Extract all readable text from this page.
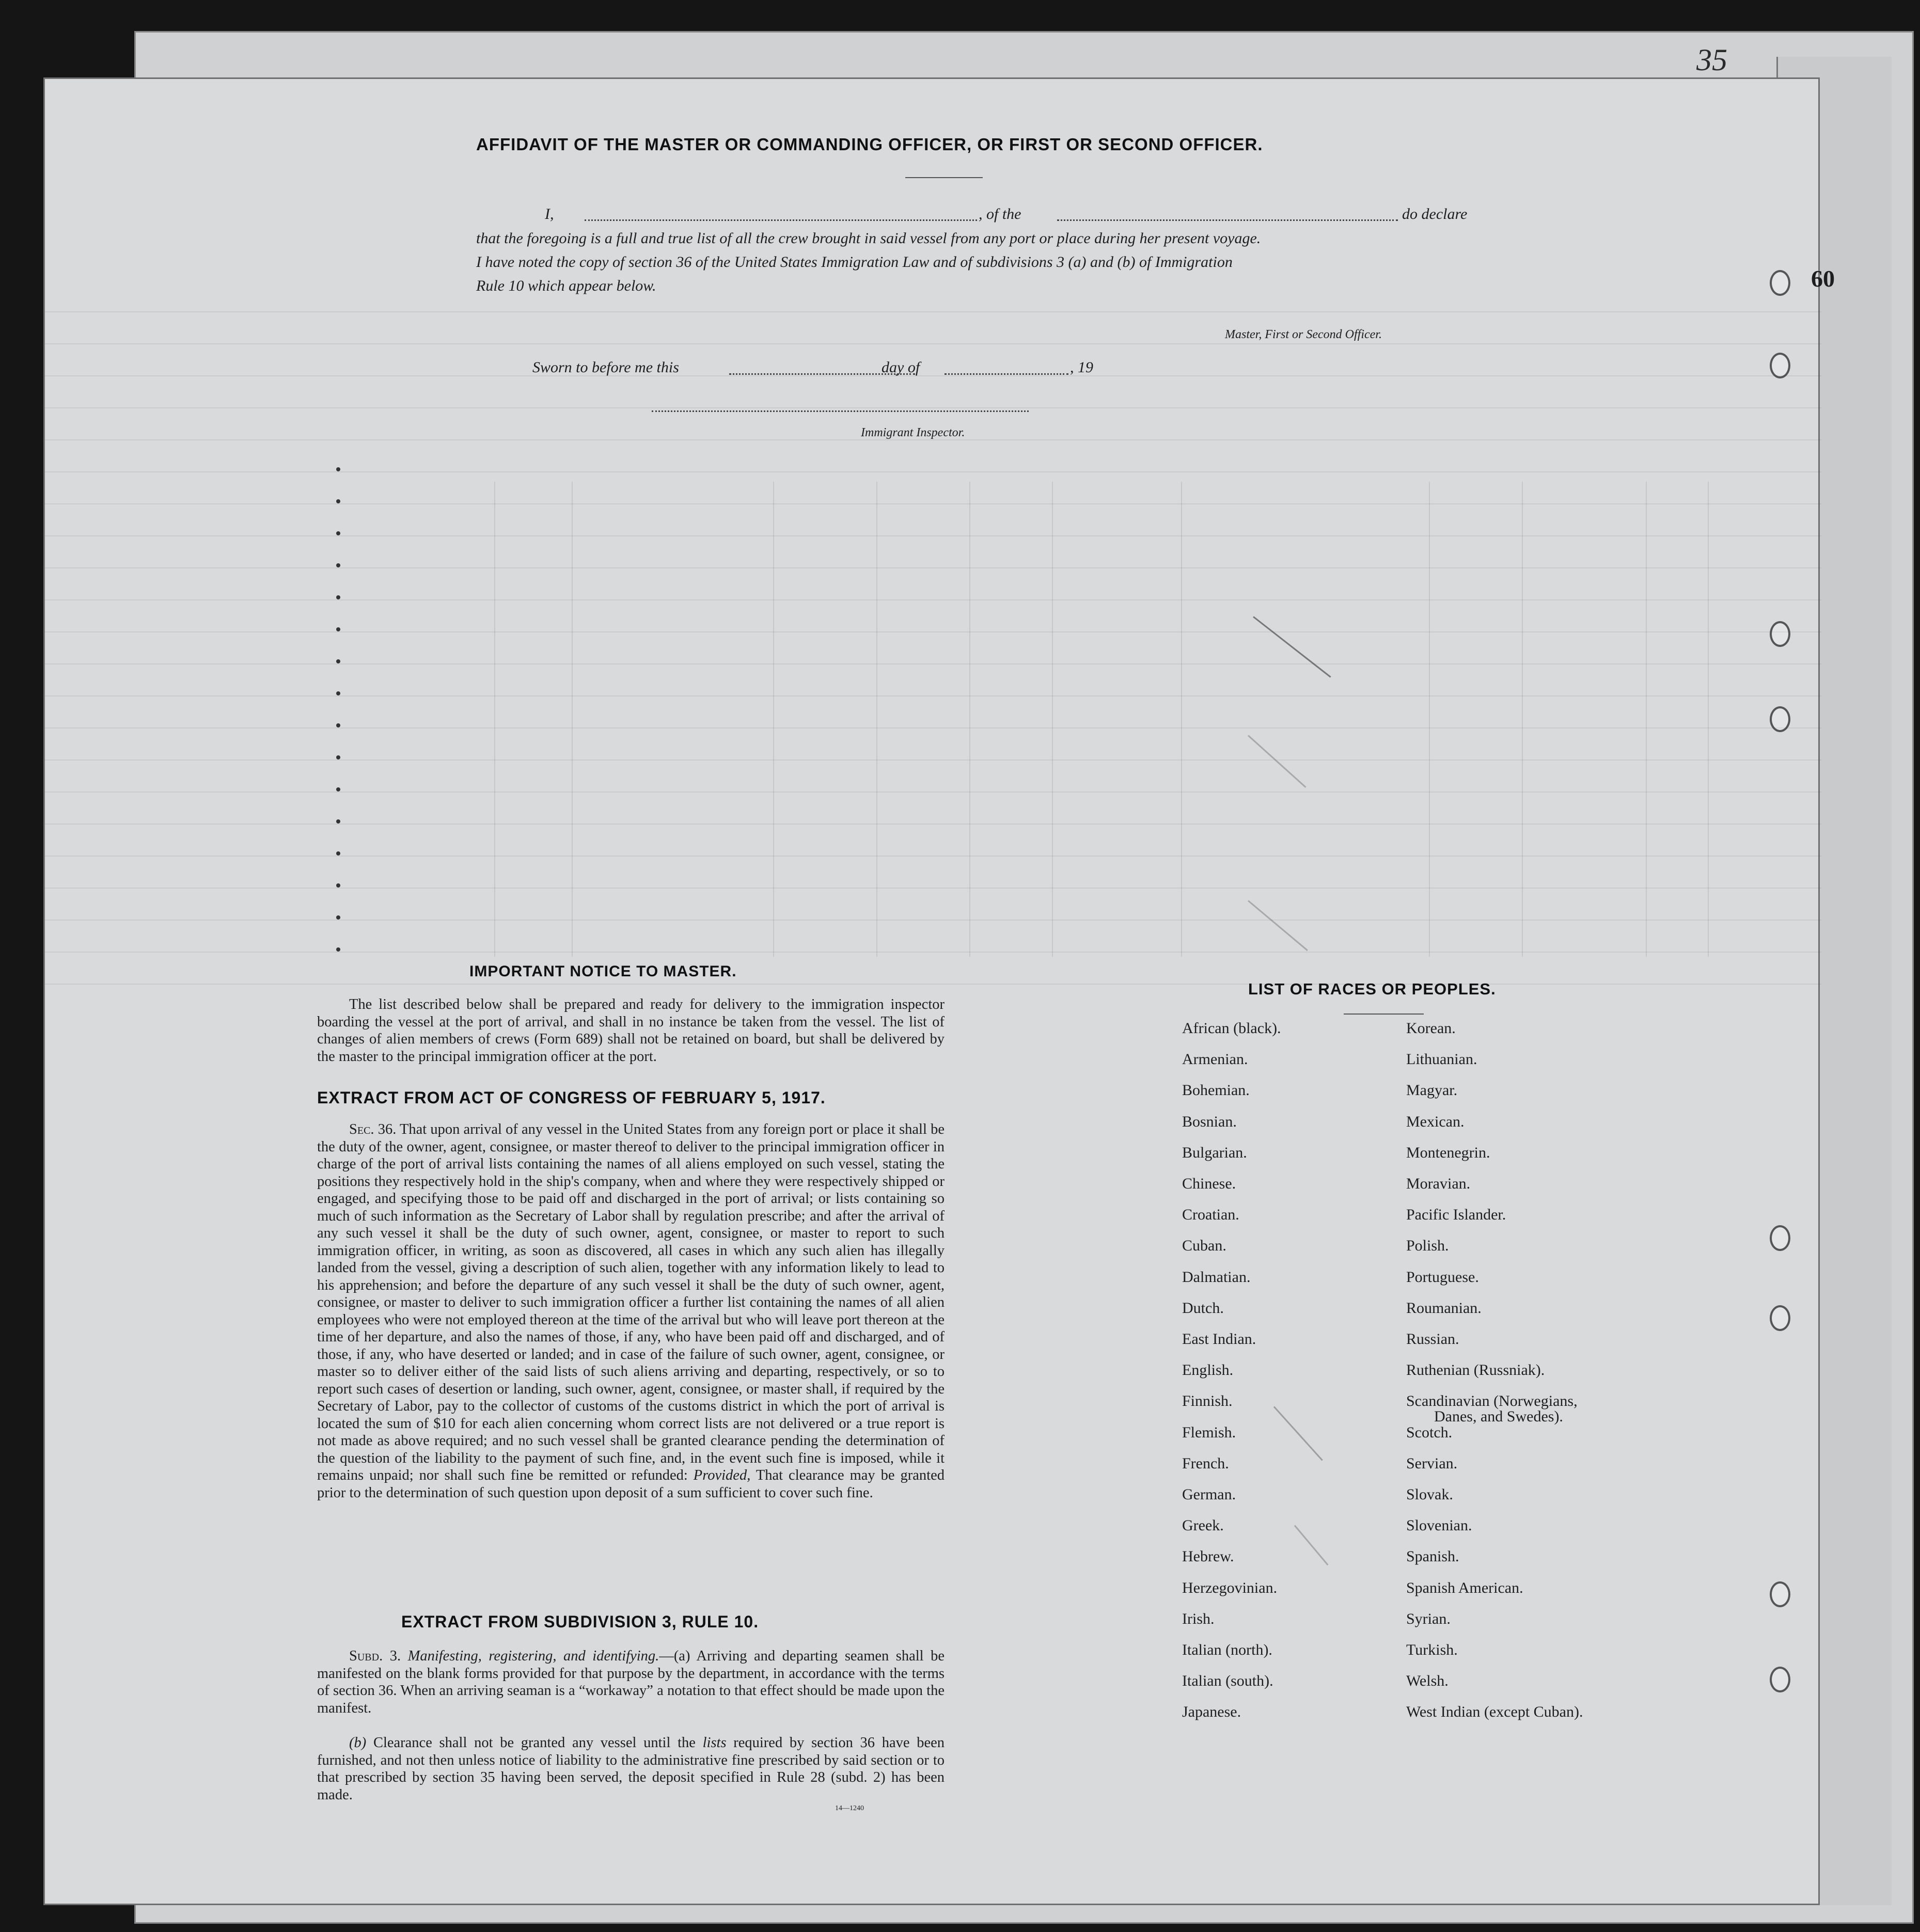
60
AFFIDAVIT OF THE MASTER OR COMMANDING OFFICER, OR FIRST OR SECOND OFFICER.
I,	, of the	do declare
that the foregoing is a full and true list of all the crew brought in said vessel from any port or place during her present voyage.
I have noted the copy of section 36 of the United States Immigration Law and of subdivisions 3 (a) and (b) of Immigration
Rule 10 which appear below.
Master, First or Second Officer.
Sworn to before me this	day of	, 19
Immigrant Inspector.
IMPORTANT NOTICE TO MASTER.
The list described below shall be prepared and ready for delivery to the immigration inspector boarding the vessel at the port of arrival, and shall in no instance be taken from the vessel. The list of changes of alien members of crews (Form 689) shall not be retained on board, but shall be delivered by the master to the principal immigration officer at the port.
EXTRACT FROM ACT OF CONGRESS OF FEBRUARY 5, 1917.
Sec. 36. That upon arrival of any vessel in the United States from any foreign port or place it shall be the duty of the owner, agent, consignee, or master thereof to deliver to the principal immigration officer in charge of the port of arrival lists containing the names of all aliens employed on such vessel, stating the positions they respectively hold in the ship's company, when and where they were respectively shipped or engaged, and specifying those to be paid off and discharged in the port of arrival; or lists containing so much of such information as the Secretary of Labor shall by regulation prescribe; and after the arrival of any such vessel it shall be the duty of such owner, agent, consignee, or master to report to such immigration officer, in writing, as soon as discovered, all cases in which any such alien has illegally landed from the vessel, giving a description of such alien, together with any information likely to lead to his apprehension; and before the departure of any such vessel it shall be the duty of such owner, agent, consignee, or master to deliver to such immigration officer a further list containing the names of all alien employees who were not employed thereon at the time of the arrival but who will leave port thereon at the time of her departure, and also the names of those, if any, who have been paid off and discharged, and of those, if any, who have deserted or landed; and in case of the failure of such owner, agent, consignee, or master so to deliver either of the said lists of such aliens arriving and departing, respectively, or so to report such cases of desertion or landing, such owner, agent, consignee, or master shall, if required by the Secretary of Labor, pay to the collector of customs of the customs district in which the port of arrival is located the sum of $10 for each alien concerning whom correct lists are not delivered or a true report is not made as above required; and no such vessel shall be granted clearance pending the determination of the question of the liability to the payment of such fine, and, in the event such fine is imposed, while it remains unpaid; nor shall such fine be remitted or refunded: Provided, That clearance may be granted prior to the determination of such question upon deposit of a sum sufficient to cover such fine.
EXTRACT FROM SUBDIVISION 3, RULE 10.
Subd. 3. Manifesting, registering, and identifying.—(a) Arriving and departing seamen shall be manifested on the blank forms provided for that purpose by the department, in accordance with the terms of section 36. When an arriving seaman is a “workaway” a notation to that effect should be made upon the manifest.
(b) Clearance shall not be granted any vessel until the lists required by section 36 have been furnished, and not then unless notice of liability to the administrative fine prescribed by said section or to that prescribed by section 35 having been served, the deposit specified in Rule 28 (subd. 2) has been made.
14—1240
LIST OF RACES OR PEOPLES.
African (black).
Armenian.
Bohemian.
Bosnian.
Bulgarian.
Chinese.
Croatian.
Cuban.
Dalmatian.
Dutch.
East Indian.
English.
Finnish.
Flemish.
French.
German.
Greek.
Hebrew.
Herzegovinian.
Irish.
Italian (north).
Italian (south).
Japanese.
Korean.
Lithuanian.
Magyar.
Mexican.
Montenegrin.
Moravian.
Pacific Islander.
Polish.
Portuguese.
Roumanian.
Russian.
Ruthenian (Russniak).
Scandinavian (Norwegians,
Danes, and Swedes).
Scotch.
Servian.
Slovak.
Slovenian.
Spanish.
Spanish American.
Syrian.
Turkish.
Welsh.
West Indian (except Cuban).
35
